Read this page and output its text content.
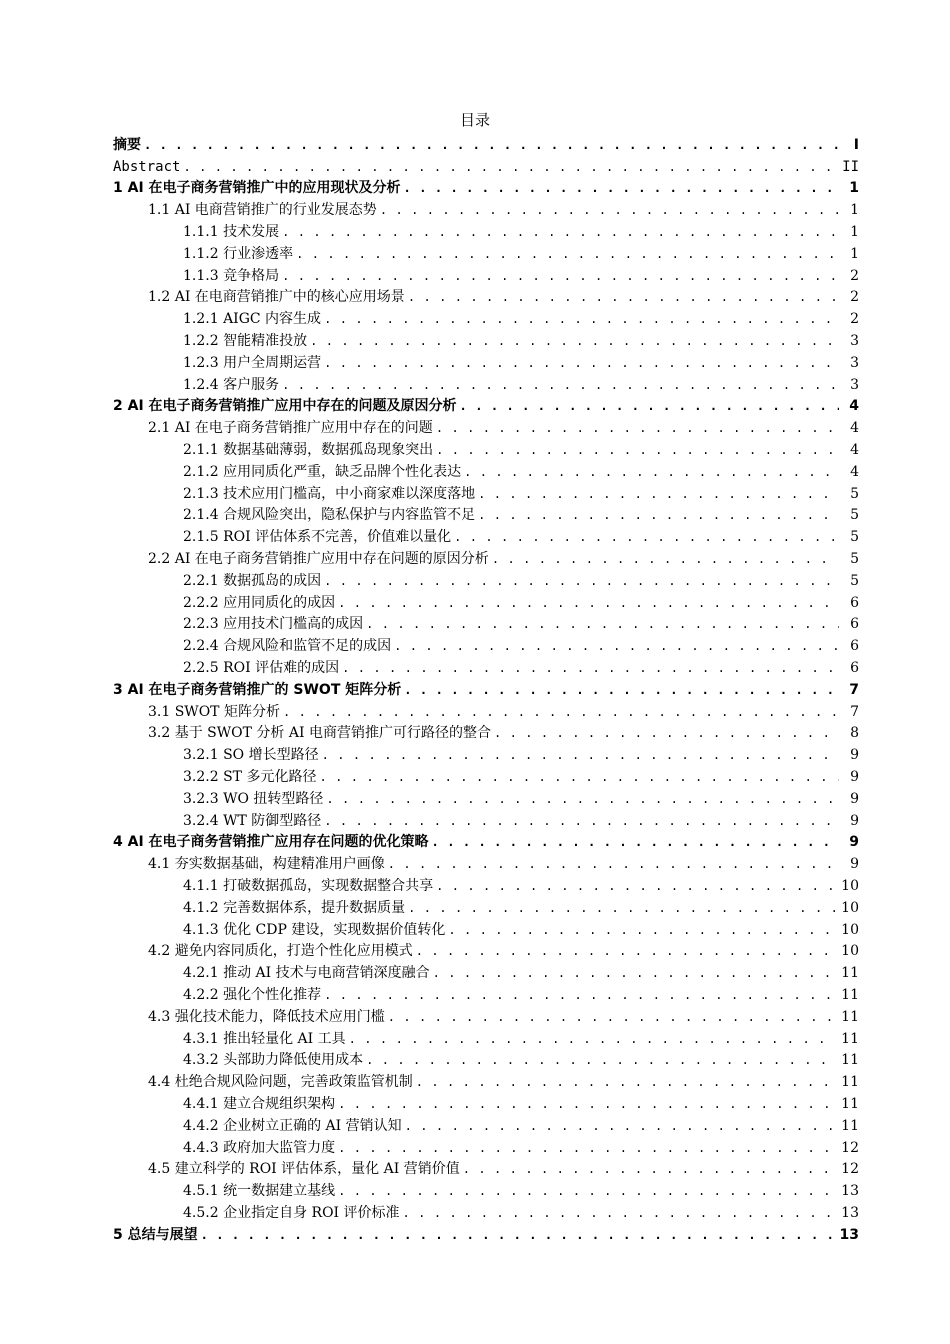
目录
摘要 . . .	I
Abstract . . .	II
1 AI 在电子商务营销推广中的应用现状及分析 . . .	1
1.1 AI 电商营销推广的行业发展态势 . . .	1
1.1.1 技术发展 . . .	1
1.1.2 行业渗透率 . . .	1
1.1.3 竞争格局 . . .	2
1.2 AI 在电商营销推广中的核心应用场景 . . .	2
1.2.1 AIGC 内容生成 . . .	2
1.2.2 智能精准投放 . . .	3
1.2.3 用户全周期运营 . . .	3
1.2.4 客户服务 . . .	3
2 AI 在电子商务营销推广应用中存在的问题及原因分析 . . .	4
2.1 AI 在电子商务营销推广应用中存在的问题 . . .	4
2.1.1 数据基础薄弱，数据孤岛现象突出 . . .	4
2.1.2 应用同质化严重，缺乏品牌个性化表达 . . .	4
2.1.3 技术应用门槛高，中小商家难以深度落地 . . .	5
2.1.4 合规风险突出，隐私保护与内容监管不足 . . .	5
2.1.5 ROI 评估体系不完善，价值难以量化 . . .	5
2.2 AI 在电子商务营销推广应用中存在问题的原因分析 . . .	5
2.2.1 数据孤岛的成因 . . .	5
2.2.2 应用同质化的成因 . . .	6
2.2.3 应用技术门槛高的成因 . . .	6
2.2.4 合规风险和监管不足的成因 . . .	6
2.2.5 ROI 评估难的成因 . . .	6
3 AI 在电子商务营销推广的 SWOT 矩阵分析 . . .	7
3.1 SWOT 矩阵分析 . . .	7
3.2 基于 SWOT 分析 AI 电商营销推广可行路径的整合 . . .	8
3.2.1 SO 增长型路径 . . .	9
3.2.2 ST 多元化路径 . . .	9
3.2.3 WO 扭转型路径 . . .	9
3.2.4 WT 防御型路径 . . .	9
4 AI 在电子商务营销推广应用存在问题的优化策略 . . .	9
4.1 夯实数据基础，构建精准用户画像 . . .	9
4.1.1 打破数据孤岛，实现数据整合共享 . . .	10
4.1.2 完善数据体系，提升数据质量 . . .	10
4.1.3 优化 CDP 建设，实现数据价值转化 . . .	10
4.2 避免内容同质化，打造个性化应用模式 . . .	10
4.2.1 推动 AI 技术与电商营销深度融合 . . .	11
4.2.2 强化个性化推荐 . . .	11
4.3 强化技术能力，降低技术应用门槛 . . .	11
4.3.1 推出轻量化 AI 工具 . . .	11
4.3.2 头部助力降低使用成本 . . .	11
4.4 杜绝合规风险问题，完善政策监管机制 . . .	11
4.4.1 建立合规组织架构 . . .	11
4.4.2 企业树立正确的 AI 营销认知 . . .	11
4.4.3 政府加大监管力度 . . .	12
4.5 建立科学的 ROI 评估体系，量化 AI 营销价值 . . .	12
4.5.1 统一数据建立基线 . . .	13
4.5.2 企业指定自身 ROI 评价标准 . . .	13
5 总结与展望 . . .	13
